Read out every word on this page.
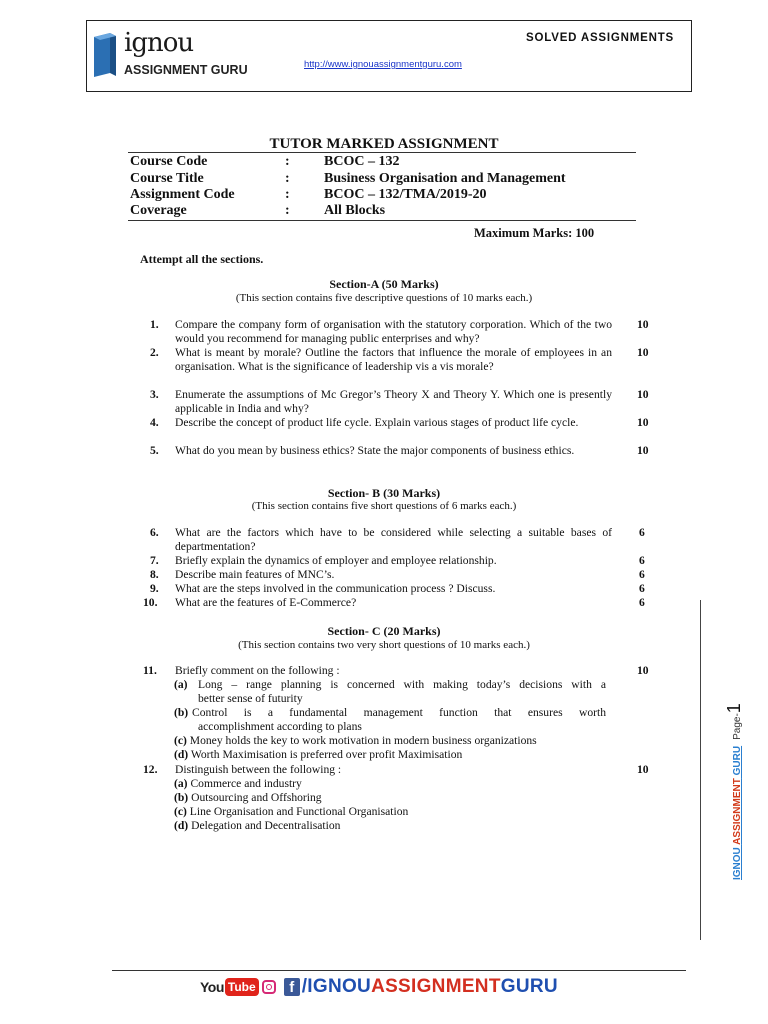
ignou
ASSIGNMENT GURU
SOLVED ASSIGNMENTS
http://www.ignouassignmentguru.com
TUTOR MARKED ASSIGNMENT
Course Code	: BCOC – 132
Course Title	: Business Organisation and Management
Assignment Code	: BCOC – 132/TMA/2019-20
Coverage	: All Blocks
Maximum Marks: 100
Attempt all the sections.
Section-A (50 Marks)
(This section contains five descriptive questions of 10 marks each.)
1. Compare the company form of organisation with the statutory corporation. Which of the two would you recommend for managing public enterprises and why?
10
2. What is meant by morale? Outline the factors that influence the morale of employees in an organisation. What is the significance of leadership vis a vis morale?
10
3. Enumerate the assumptions of Mc Gregor’s Theory X and Theory Y. Which one is presently applicable in India and why?
10
4. Describe the concept of product life cycle. Explain various stages of product life cycle.	10
5. What do you mean by business ethics? State the major components of business ethics.	10
Section- B (30 Marks)
(This section contains five short questions of 6 marks each.)
6. What are the factors which have to be considered while selecting a suitable bases of departmentation?
6
7. Briefly explain the dynamics of employer and employee relationship.	6
8. Describe main features of MNC’s.	6
9. What are the steps involved in the communication process ? Discuss.	6
10. What are the features of E-Commerce?	6
Section- C (20 Marks)
(This section contains two very short questions of 10 marks each.)
11. Briefly comment on the following :	10
(a) Long – range planning is concerned with making today’s decisions with a
better sense of futurity
(b) Control is a fundamental management function that ensures worth
accomplishment according to plans
(c) Money holds the key to work motivation in modern business organizations
(d) Worth Maximisation is preferred over profit Maximisation
12. Distinguish between the following :	10
(a) Commerce and industry
(b) Outsourcing and Offshoring
(c) Line Organisation and Functional Organisation
(d) Delegation and Decentralisation
IGNOU ASSIGNMENT GURUPage-1
You Tube	f /IGNOUASSIGNMENTGURU
